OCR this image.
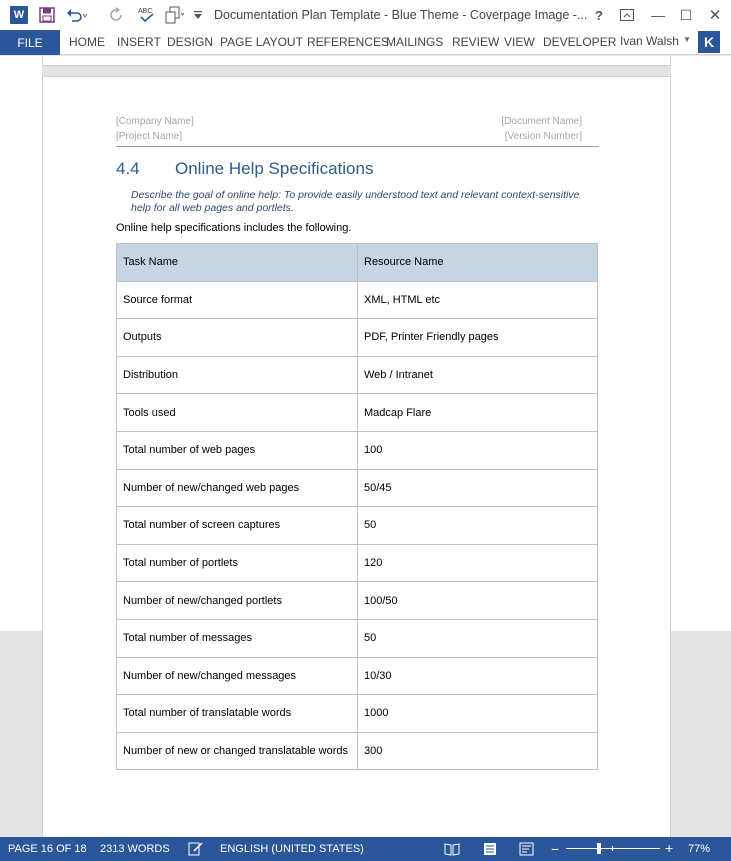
W	ABC	Documentation Plan Template - Blue Theme - Coverpage Image -... ?	—	☐	✕
FILE	HOME INSERT DESIGN PAGE LAYOUT REFERENCES
MAILINGS REVIEW VIEW DEVELOPER Ivan Walsh ▼ K
[Company Name]
[Project Name]
[Document Name]
[Version Number]
4.4 Online Help Specifications
Describe the goal of online help: To provide easily understood text and relevant context-sensitive help for all web pages and portlets.
Online help specifications includes the following.
Task Name	Resource Name
Source format	XML, HTML etc
Outputs	PDF, Printer Friendly pages
Distribution	Web / Intranet
Tools used	Madcap Flare
Total number of web pages	100
Number of new/changed web pages	50/45
Total number of screen captures	50
Total number of portlets	120
Number of new/changed portlets	100/50
Total number of messages	50
Number of new/changed messages	10/30
Total number of translatable words	1000
Number of new or changed translatable words	300
PAGE 16 OF 18 2313 WORDS	ENGLISH (UNITED STATES)	−	+ 77%
